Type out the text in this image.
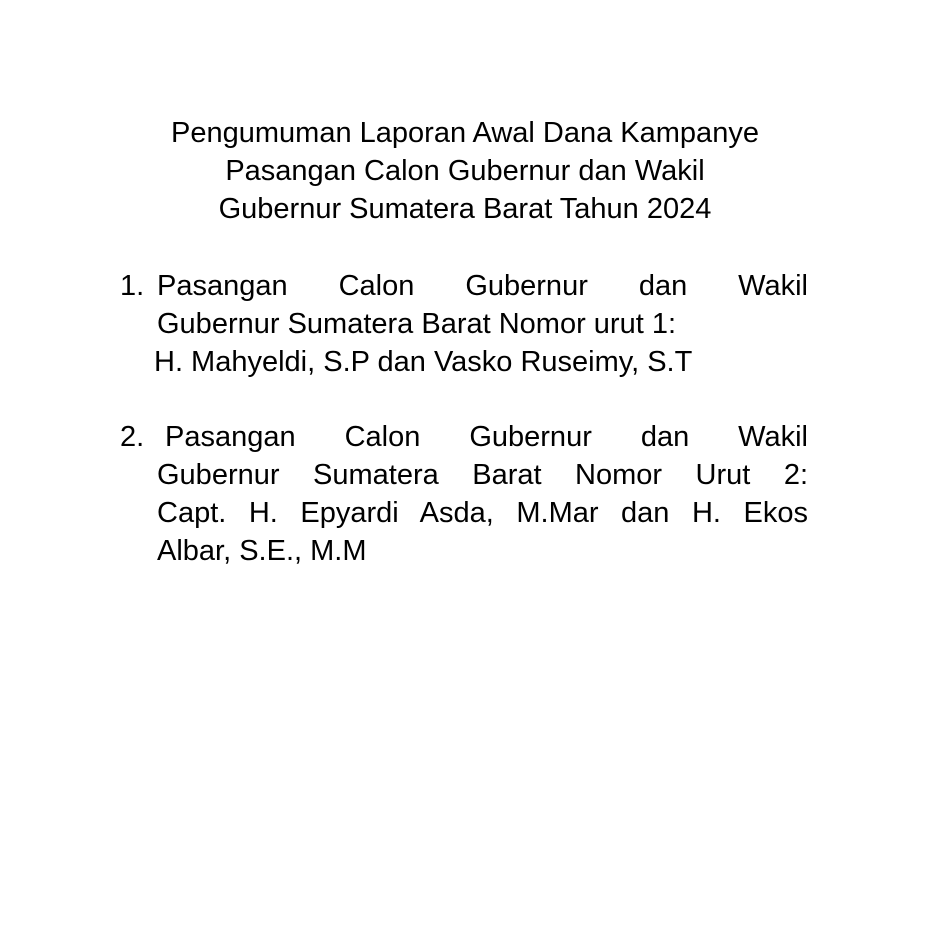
Pengumuman Laporan Awal Dana Kampanye
Pasangan Calon Gubernur dan Wakil
Gubernur Sumatera Barat Tahun 2024
1. Pasangan Calon Gubernur dan Wakil
Gubernur Sumatera Barat Nomor urut 1:
H. Mahyeldi, S.P dan Vasko Ruseimy, S.T
2. Pasangan Calon Gubernur dan Wakil
Gubernur Sumatera Barat Nomor Urut 2:
Capt. H. Epyardi Asda, M.Mar dan H. Ekos
Albar, S.E., M.M
